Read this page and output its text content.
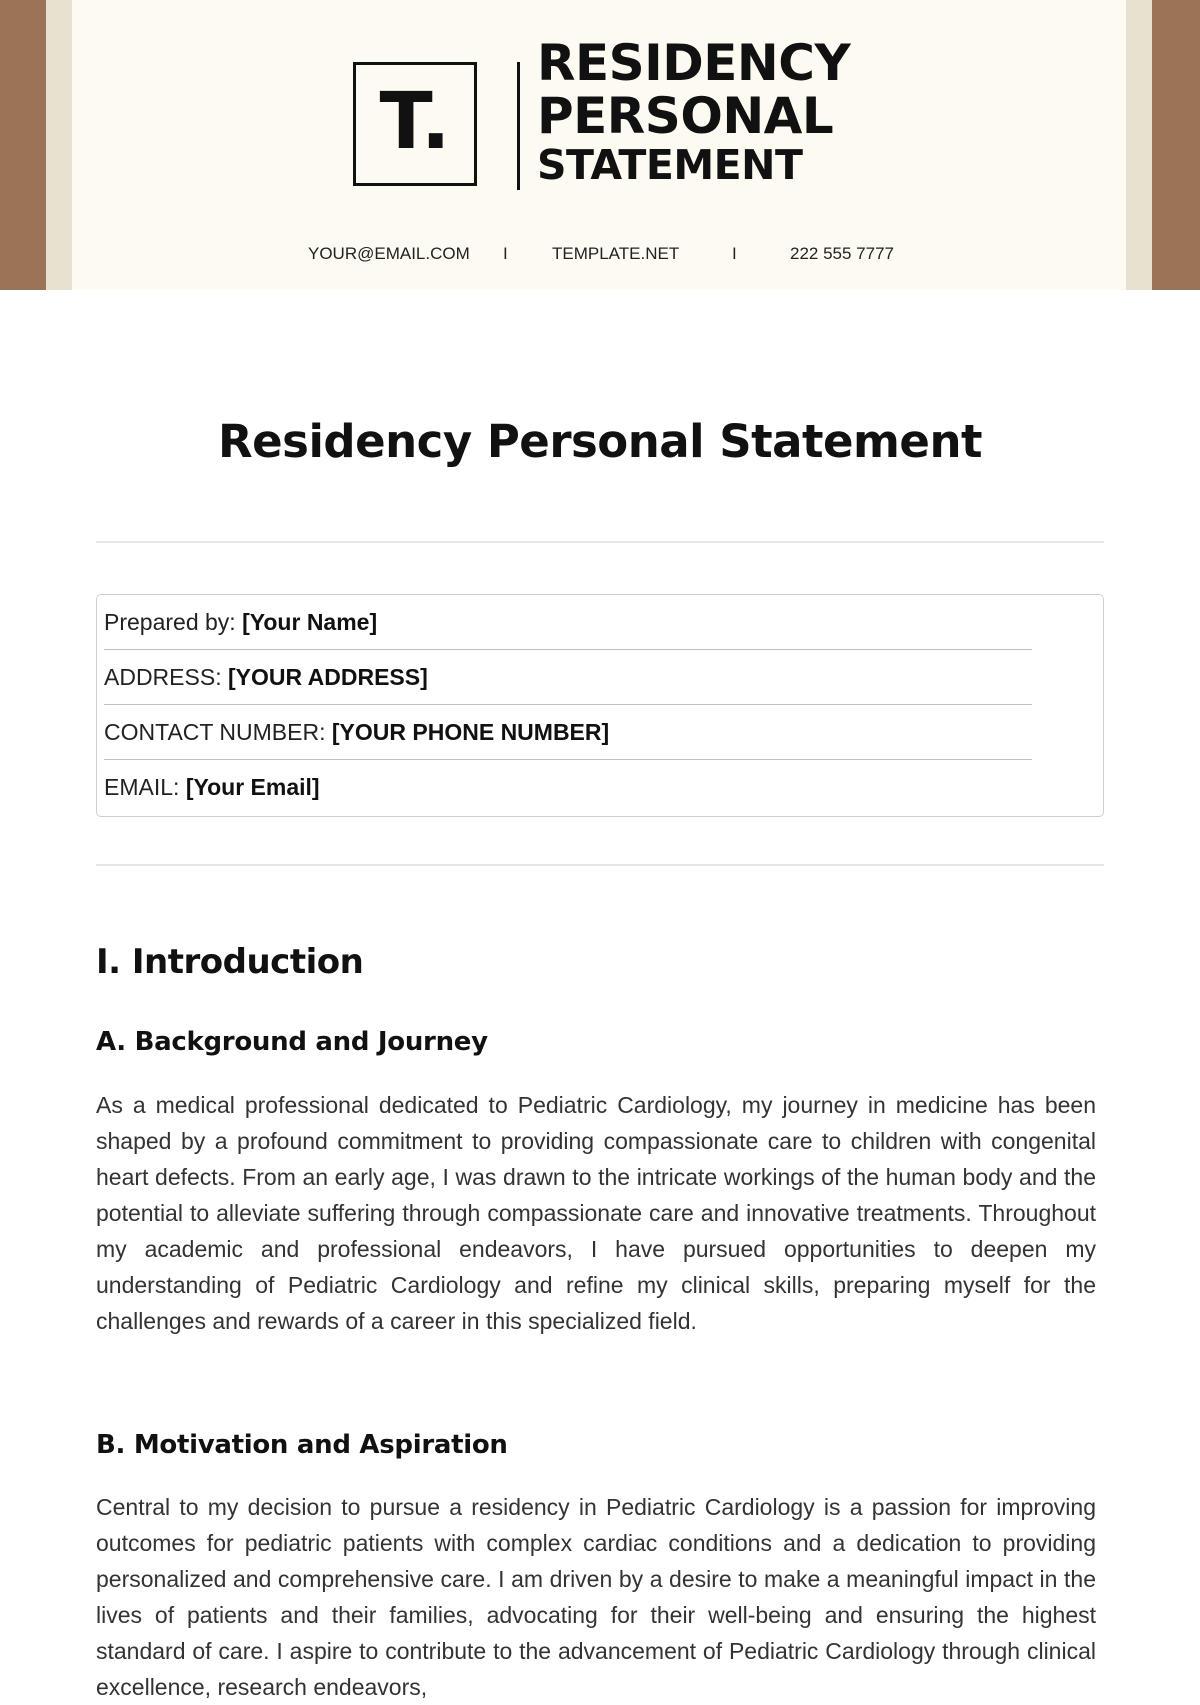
T.
RESIDENCY
PERSONAL
STATEMENT
YOUR@EMAIL.COM I	TEMPLATE.NET	I	222 555 7777
Residency Personal Statement
Prepared by: [Your Name]
ADDRESS: [YOUR ADDRESS]
CONTACT NUMBER: [YOUR PHONE NUMBER]
EMAIL: [Your Email]
I. Introduction
A. Background and Journey

As a medical professional dedicated to Pediatric Cardiology, my journey in medicine has been shaped by a profound commitment to providing compassionate care to children with congenital heart defects. From an early age, I was drawn to the intricate workings of the human body and the potential to alleviate suffering through compassionate care and innovative treatments. Throughout my academic and professional endeavors, I have pursued opportunities to deepen my understanding of Pediatric Cardiology and refine my clinical skills, preparing myself for the challenges and rewards of a career in this specialized field.

B. Motivation and Aspiration

Central to my decision to pursue a residency in Pediatric Cardiology is a passion for improving outcomes for pediatric patients with complex cardiac conditions and a dedication to providing personalized and comprehensive care. I am driven by a desire to make a meaningful impact in the lives of patients and their families, advocating for their well-being and ensuring the highest standard of care. I aspire to contribute to the advancement of Pediatric Cardiology through clinical excellence, research endeavors,
